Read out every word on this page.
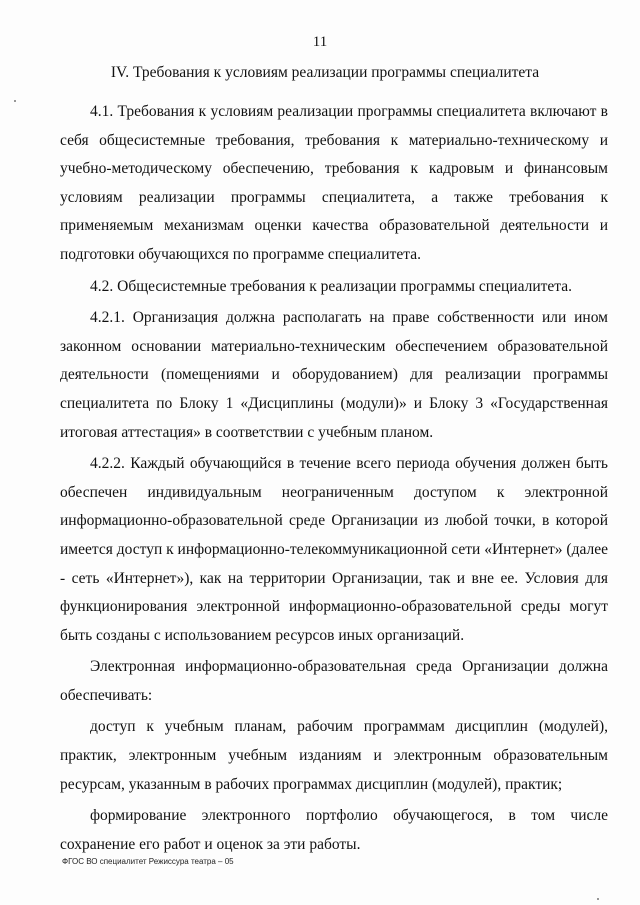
11
IV. Требования к условиям реализации программы специалитета

4.1. Требования к условиям реализации программы специалитета включают в себя общесистемные требования, требования к материально-техническому и учебно-методическому обеспечению, требования к кадровым и финансовым условиям реализации программы специалитета, а также требования к применяемым механизмам оценки качества образовательной деятельности и подготовки обучающихся по программе специалитета.

4.2. Общесистемные требования к реализации программы специалитета.

4.2.1. Организация должна располагать на праве собственности или ином законном основании материально-техническим обеспечением образовательной деятельности (помещениями и оборудованием) для реализации программы специалитета по Блоку 1 «Дисциплины (модули)» и Блоку 3 «Государственная итоговая аттестация» в соответствии с учебным планом.

4.2.2. Каждый обучающийся в течение всего периода обучения должен быть обеспечен индивидуальным неограниченным доступом к электронной информационно-образовательной среде Организации из любой точки, в которой имеется доступ к информационно-телекоммуникационной сети «Интернет» (далее - сеть «Интернет»), как на территории Организации, так и вне ее. Условия для функционирования электронной информационно-образовательной среды могут быть созданы с использованием ресурсов иных организаций.

Электронная информационно-образовательная среда Организации должна обеспечивать:

доступ к учебным планам, рабочим программам дисциплин (модулей), практик, электронным учебным изданиям и электронным образовательным ресурсам, указанным в рабочих программах дисциплин (модулей), практик;

формирование электронного портфолио обучающегося, в том числе сохранение его работ и оценок за эти работы.

ФГОС ВО специалитет Режиссура театра – 05
